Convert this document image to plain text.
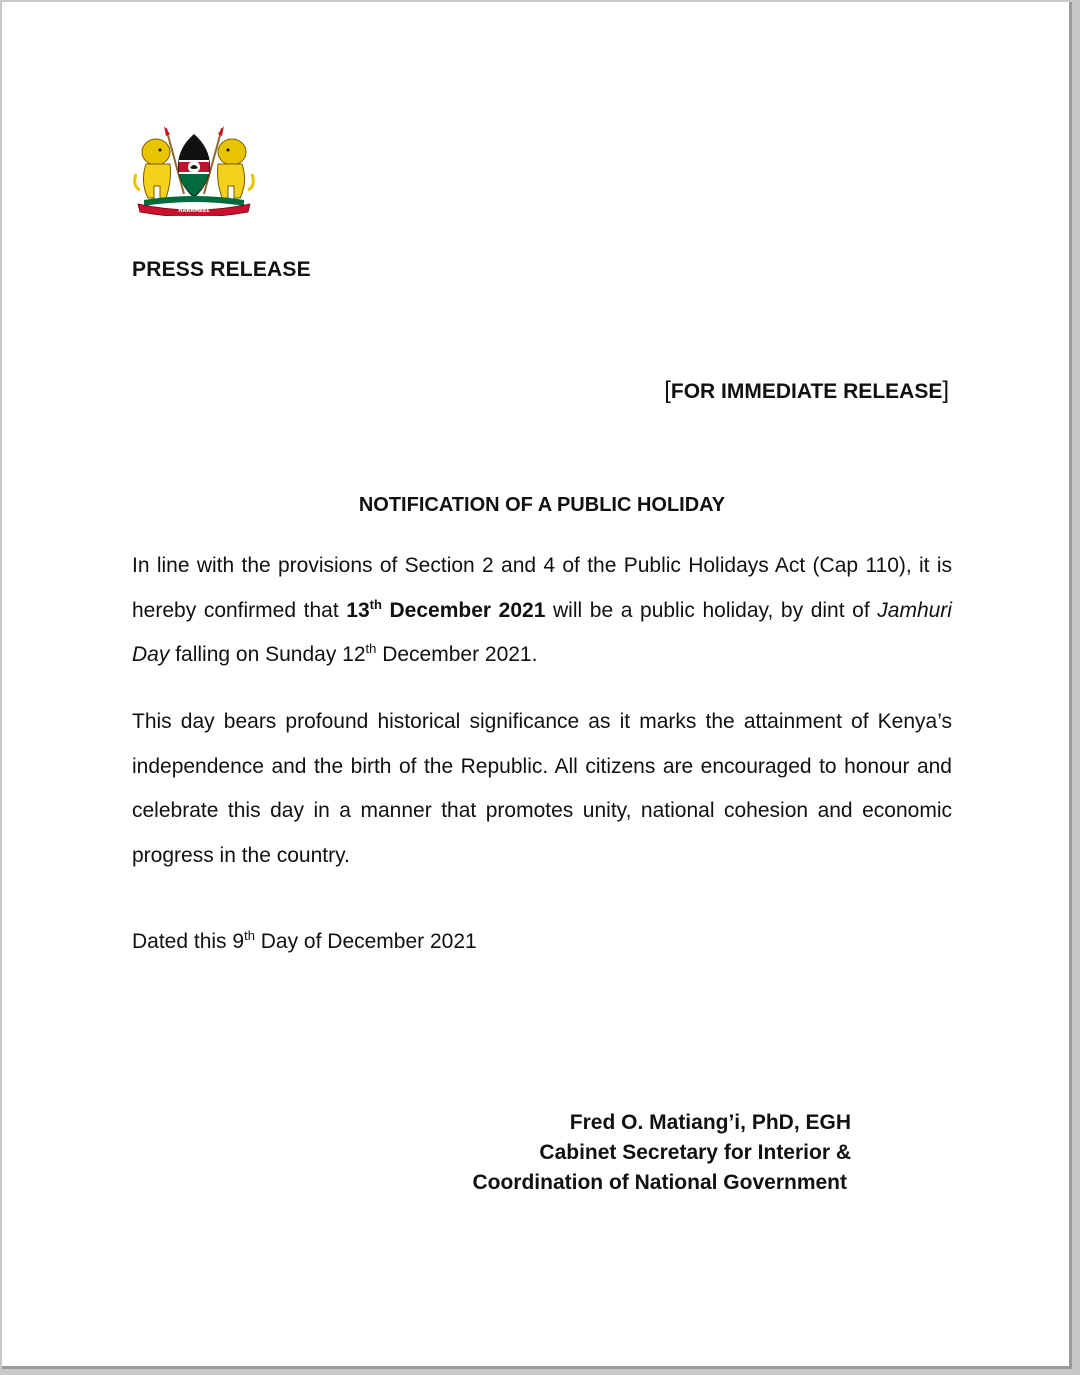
HARAMBEE
PRESS RELEASE
[FOR IMMEDIATE RELEASE]
NOTIFICATION OF A PUBLIC HOLIDAY

In line with the provisions of Section 2 and 4 of the Public Holidays Act (Cap 110), it is hereby confirmed that 13th December 2021 will be a public holiday, by dint of Jamhuri Day falling on Sunday 12th December 2021.

This day bears profound historical significance as it marks the attainment of Kenya’s independence and the birth of the Republic. All citizens are encouraged to honour and celebrate this day in a manner that promotes unity, national cohesion and economic progress in the country.

Dated this 9th Day of December 2021
Fred O. Matiang’i, PhD, EGH
Cabinet Secretary for Interior &
Coordination of National Government
